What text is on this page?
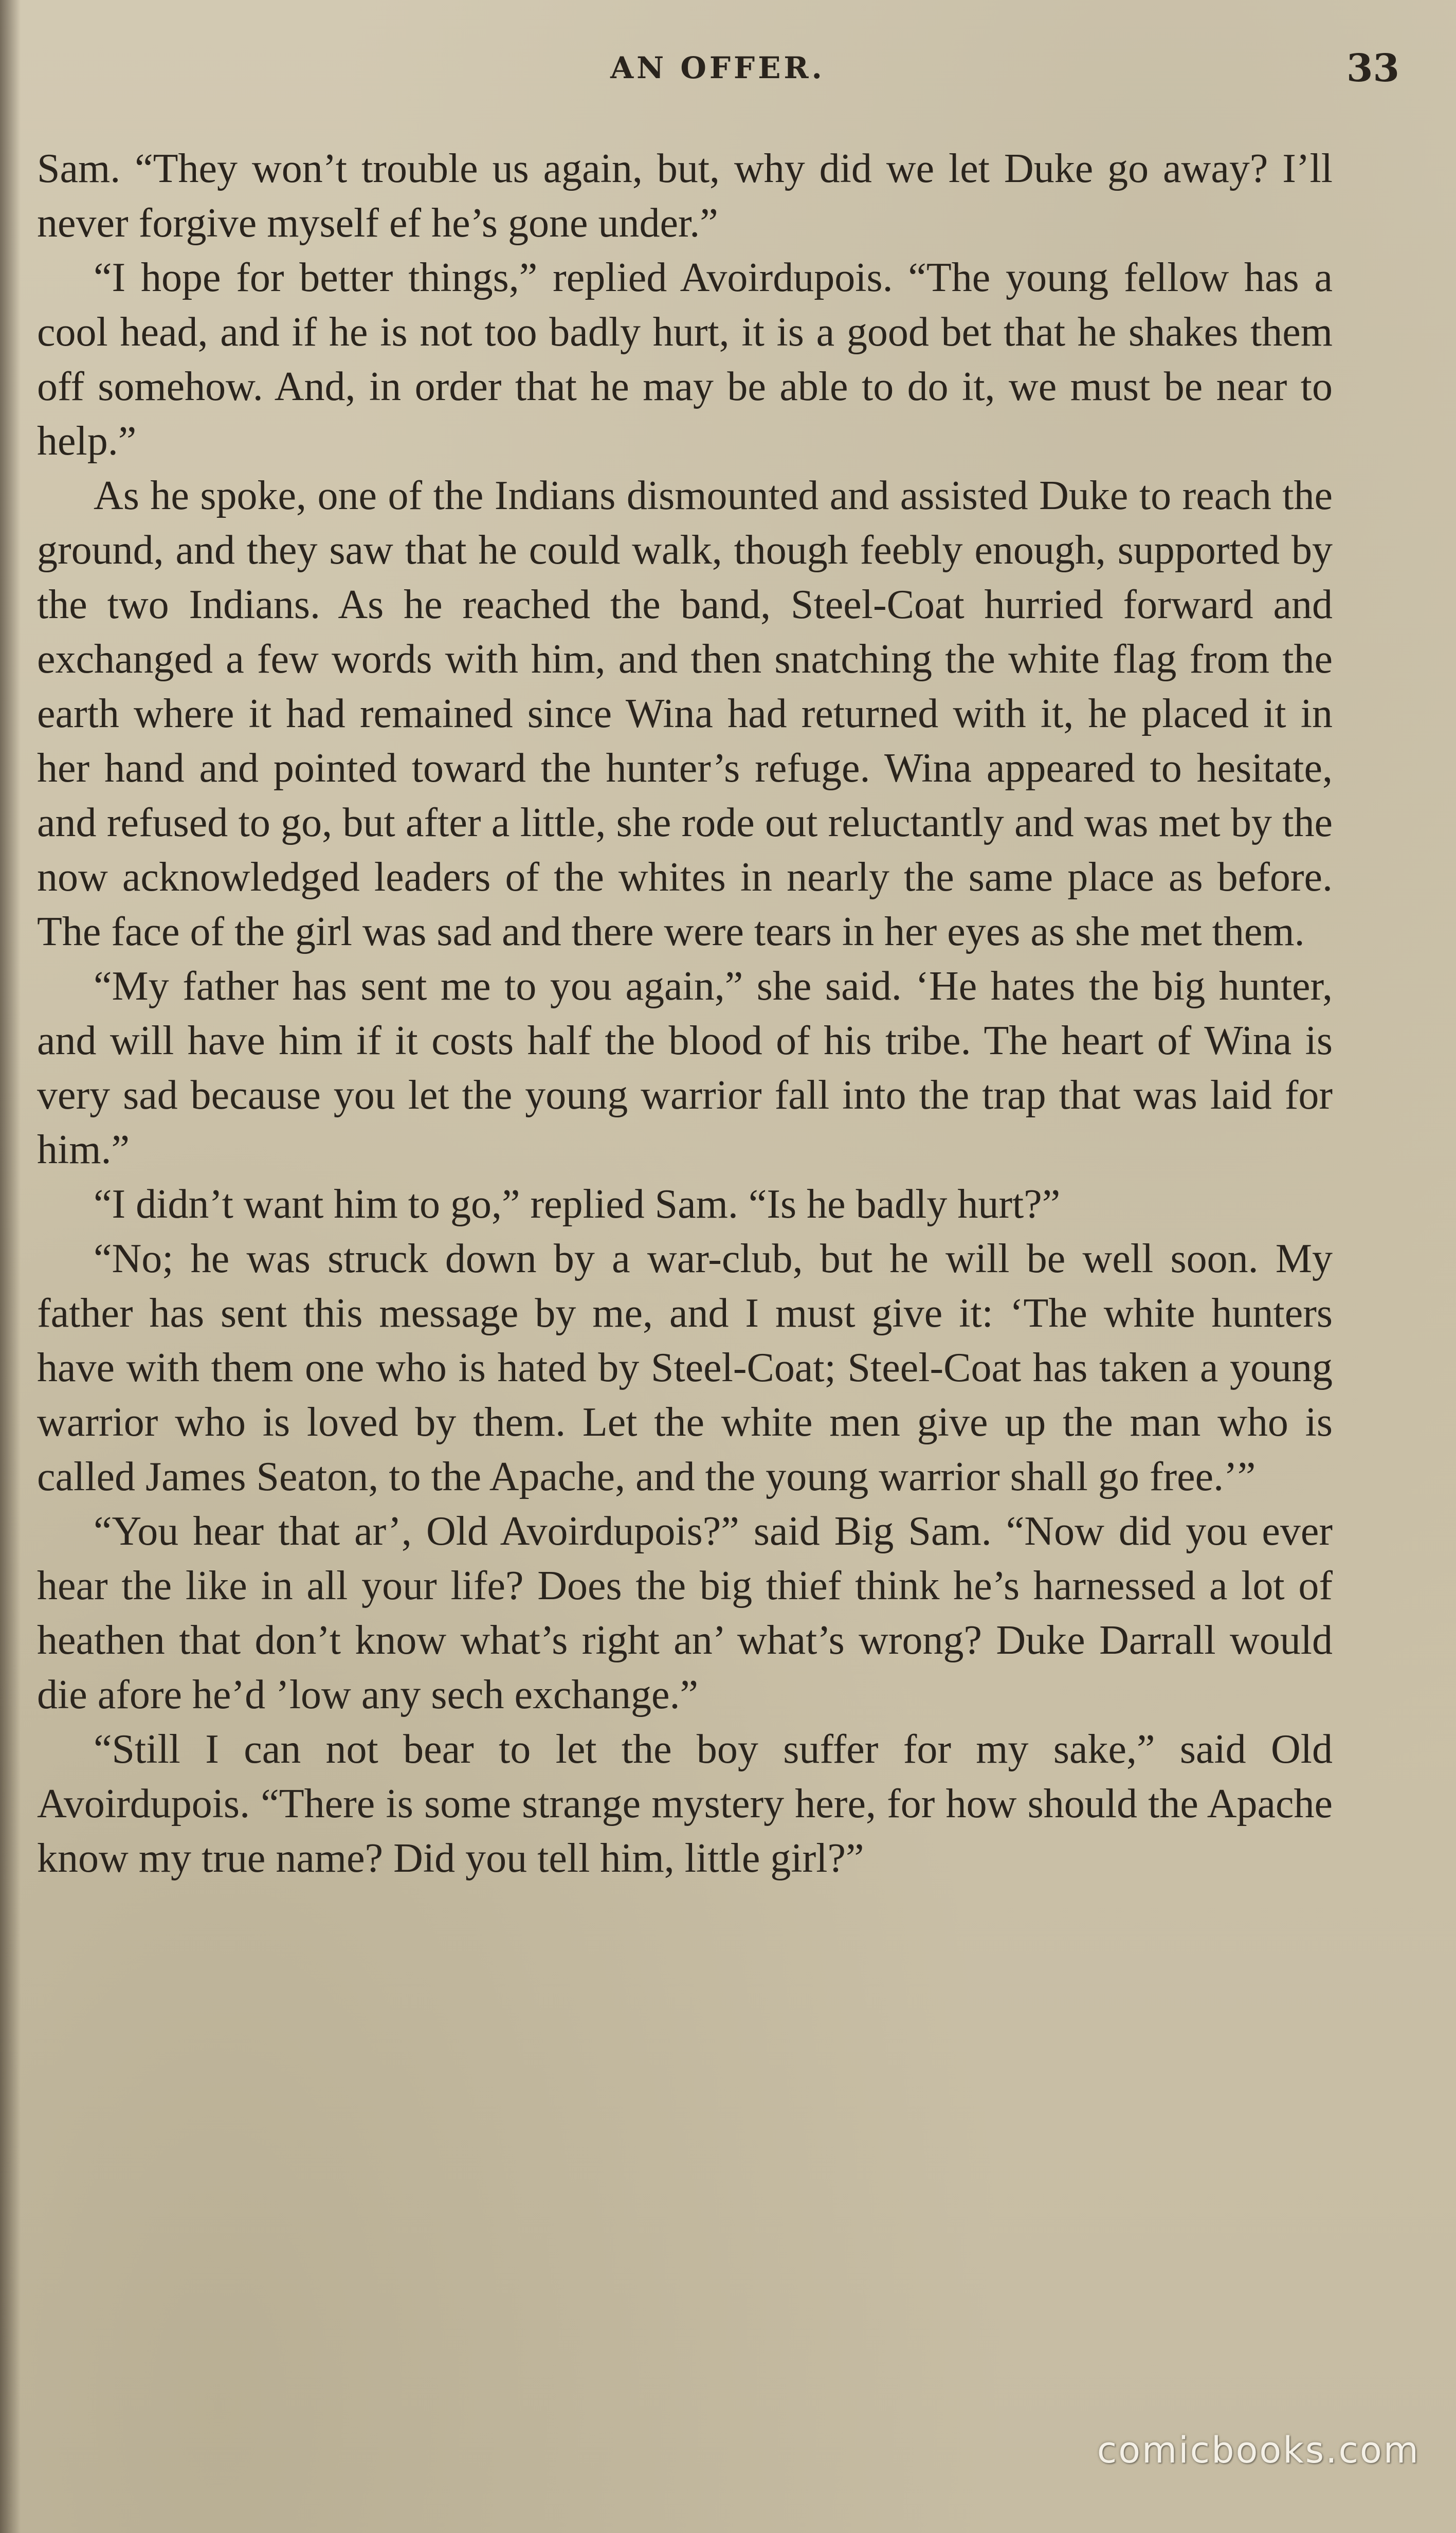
AN OFFER.	33

Sam. “They won’t trouble us again, but, why did we let Duke go away? I’ll never forgive myself ef he’s gone under.”

“I hope for better things,” replied Avoirdupois. “The young fellow has a cool head, and if he is not too badly hurt, it is a good bet that he shakes them off somehow. And, in order that he may be able to do it, we must be near to help.”

As he spoke, one of the Indians dismounted and assisted Duke to reach the ground, and they saw that he could walk, though feebly enough, supported by the two Indians. As he reached the band, Steel-Coat hurried forward and exchanged a few words with him, and then snatching the white flag from the earth where it had remained since Wina had returned with it, he placed it in her hand and pointed toward the hunter’s refuge. Wina appeared to hesitate, and refused to go, but after a little, she rode out reluctantly and was met by the now acknowledged leaders of the whites in nearly the same place as before. The face of the girl was sad and there were tears in her eyes as she met them.

“My father has sent me to you again,” she said. ‘He hates the big hunter, and will have him if it costs half the blood of his tribe. The heart of Wina is very sad because you let the young warrior fall into the trap that was laid for him.”

“I didn’t want him to go,” replied Sam. “Is he badly hurt?”

“No; he was struck down by a war-club, but he will be well soon. My father has sent this message by me, and I must give it: ‘The white hunters have with them one who is hated by Steel-Coat; Steel-Coat has taken a young warrior who is loved by them. Let the white men give up the man who is called James Seaton, to the Apache, and the young warrior shall go free.’”

“You hear that ar’, Old Avoirdupois?” said Big Sam. “Now did you ever hear the like in all your life? Does the big thief think he’s harnessed a lot of heathen that don’t know what’s right an’ what’s wrong? Duke Darrall would die afore he’d ’low any sech exchange.”

“Still I can not bear to let the boy suffer for my sake,” said Old Avoirdupois. “There is some strange mystery here, for how should the Apache know my true name? Did you tell him, little girl?”

comicbooks.com
